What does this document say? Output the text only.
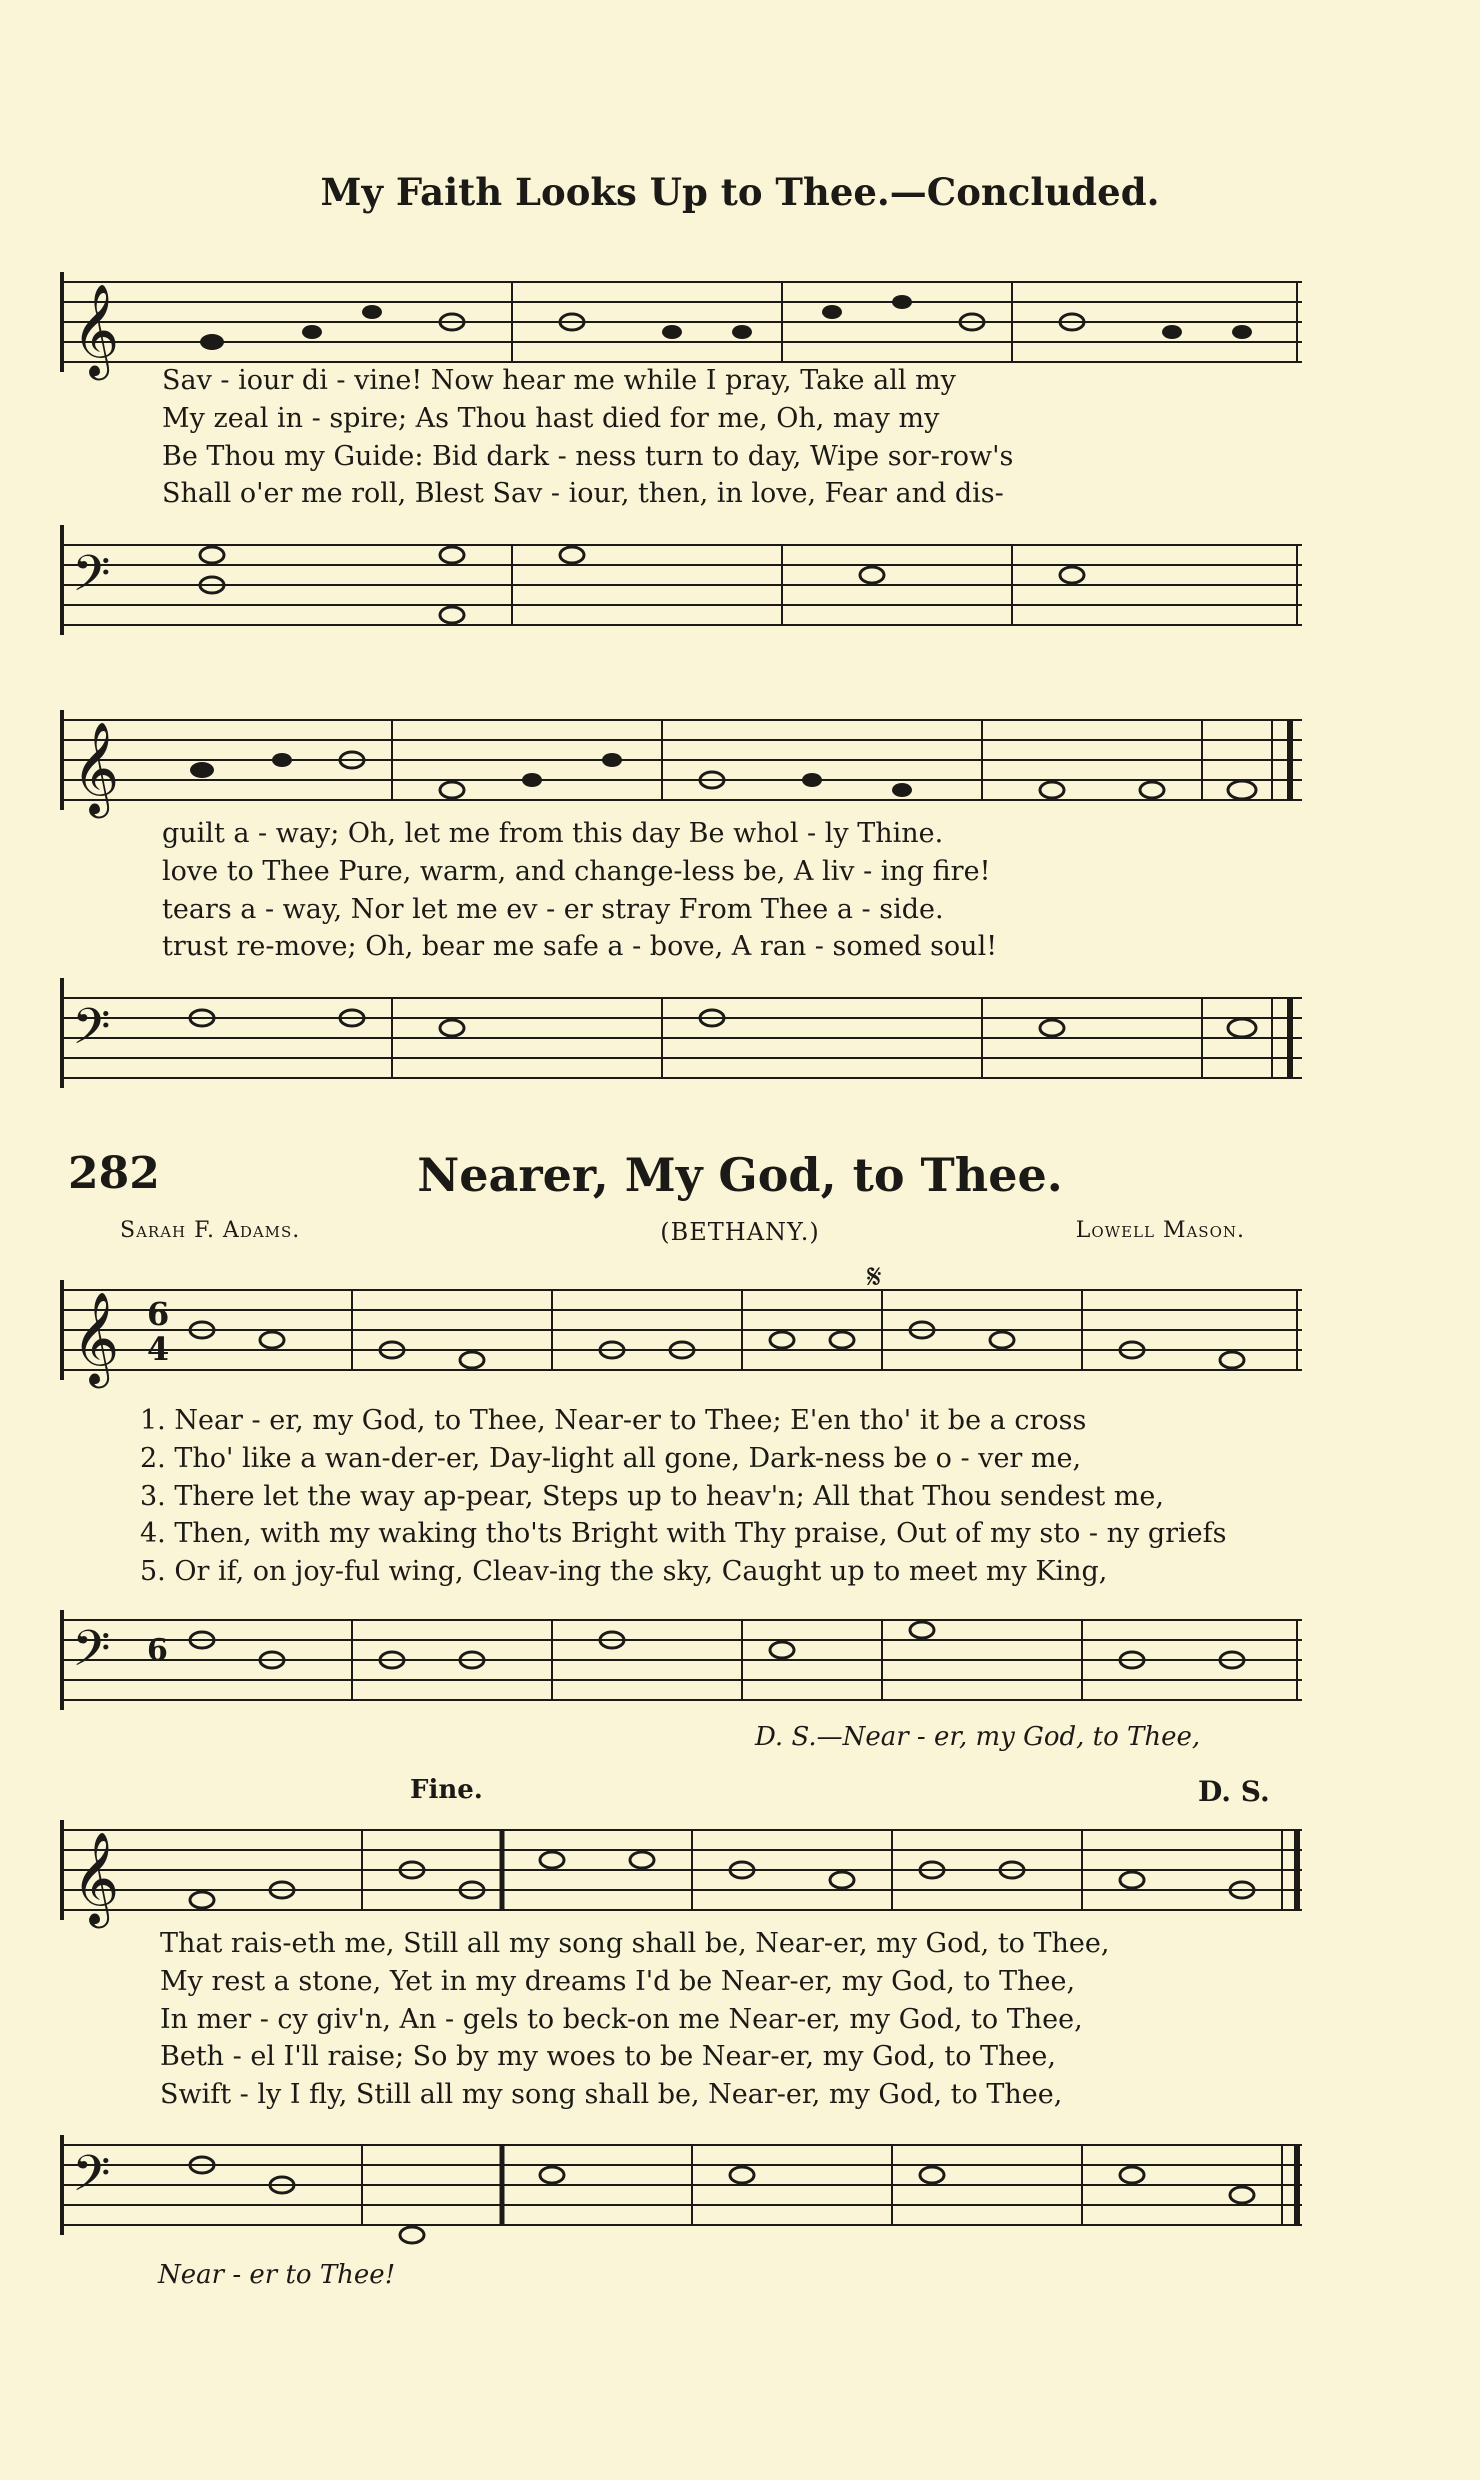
My Faith Looks Up to Thee.—Concluded.
𝄞
Sav - iour di - vine! Now hear me while I pray, Take all my
My zeal in - spire; As Thou hast died for me, Oh, may my
Be Thou my Guide: Bid dark - ness turn to day, Wipe sor-row's
Shall o'er me roll, Blest Sav - iour, then, in love, Fear and dis-
𝄢
𝄞
guilt a - way; Oh, let me from this day Be whol - ly Thine.
love to Thee Pure, warm, and change-less be, A liv - ing fire!
tears a - way, Nor let me ev - er stray From Thee a - side.
trust re-move; Oh, bear me safe a - bove, A ran - somed soul!
𝄢
282	Nearer, My God, to Thee.
Sarah F. Adams.	(BETHANY.)	Lowell Mason.
𝄞 6
4
𝄋
1. Near - er, my God, to Thee, Near-er to Thee; E'en tho' it be a cross
2. Tho' like a wan-der-er, Day-light all gone, Dark-ness be o - ver me,
3. There let the way ap-pear, Steps up to heav'n; All that Thou sendest me,
4. Then, with my waking tho'ts Bright with Thy praise, Out of my sto - ny griefs
5. Or if, on joy-ful wing, Cleav-ing the sky, Caught up to meet my King,
𝄢 6
D. S.—Near - er, my God, to Thee,
Fine.	D. S.
𝄞
That rais-eth me, Still all my song shall be, Near-er, my God, to Thee,
My rest a stone, Yet in my dreams I'd be Near-er, my God, to Thee,
In mer - cy giv'n, An - gels to beck-on me Near-er, my God, to Thee,
Beth - el I'll raise; So by my woes to be Near-er, my God, to Thee,
Swift - ly I fly, Still all my song shall be, Near-er, my God, to Thee,
𝄢
Near - er to Thee!
